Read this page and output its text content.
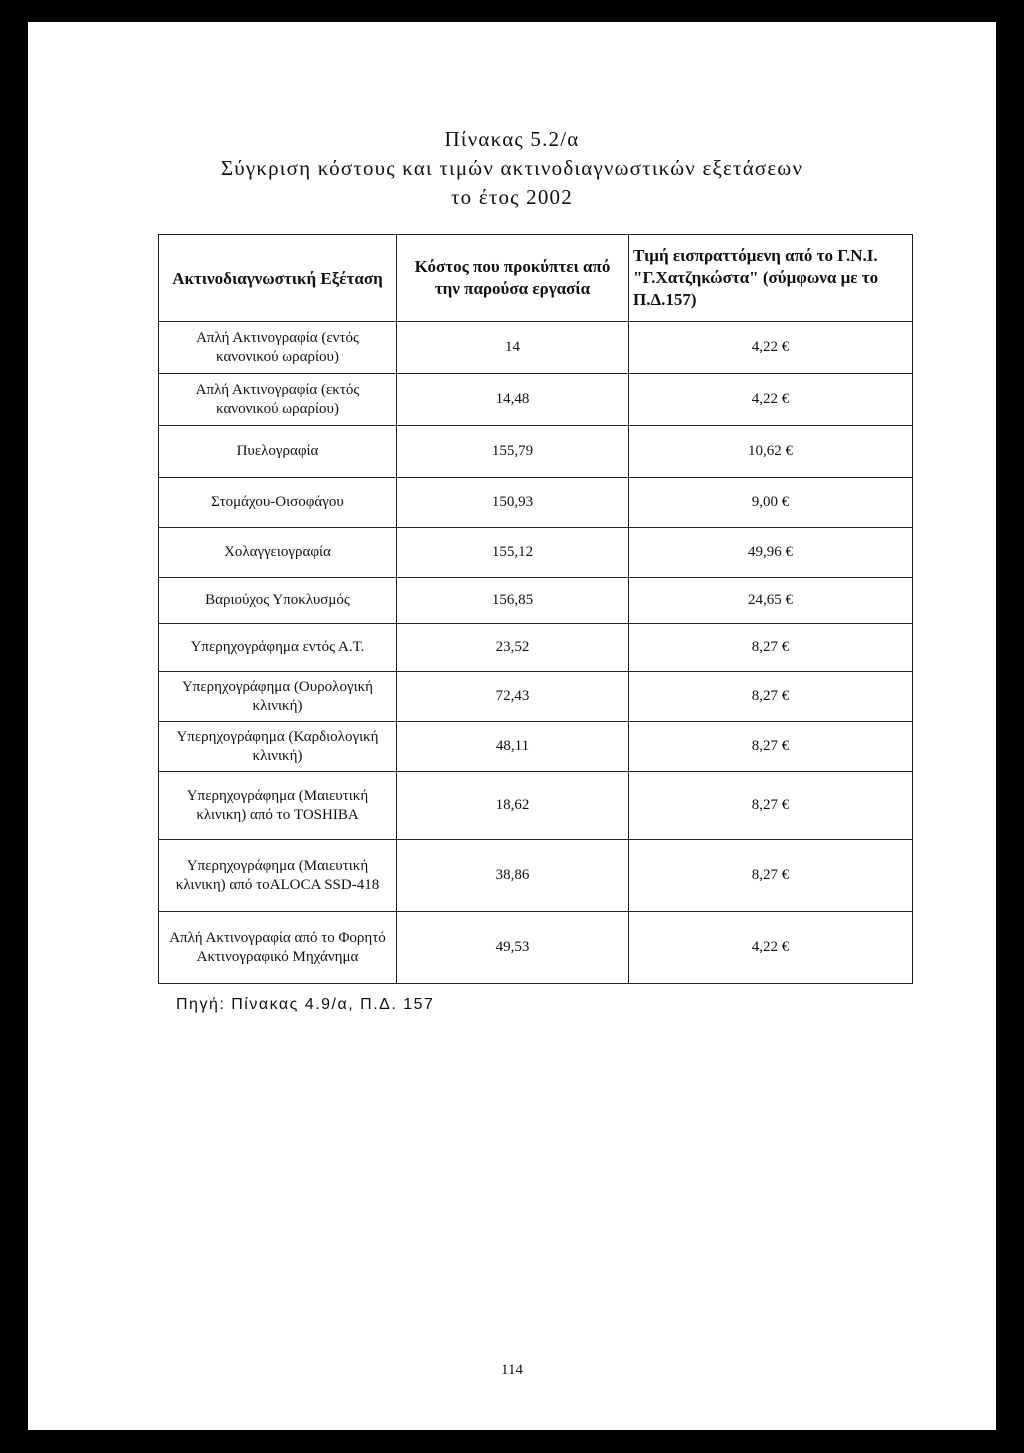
Πίνακας 5.2/α
Σύγκριση κόστους και τιμών ακτινοδιαγνωστικών εξετάσεων
το έτος 2002
Ακτινοδιαγνωστική Εξέταση	Κόστος που προκύπτει από την παρούσα εργασία	Τιμή εισπραττόμενη από το Γ.Ν.Ι. "Γ.Χατζηκώστα" (σύμφωνα με το Π.Δ.157)
Απλή Ακτινογραφία (εντός κανονικού ωραρίου)	14	4,22 €
Απλή Ακτινογραφία (εκτός κανονικού ωραρίου)	14,48	4,22 €
Πυελογραφία	155,79	10,62 €
Στομάχου-Οισοφάγου	150,93	9,00 €
Χολαγγειογραφία	155,12	49,96 €
Βαριούχος Υποκλυσμός	156,85	24,65 €
Υπερηχογράφημα εντός Α.Τ.	23,52	8,27 €
Υπερηχογράφημα (Ουρολογική κλινική)	72,43	8,27 €
Υπερηχογράφημα (Καρδιολογική κλινική)	48,11	8,27 €
Υπερηχογράφημα (Μαιευτική κλινικη) από το TOSHIBA	18,62	8,27 €
Υπερηχογράφημα (Μαιευτική κλινικη) από τοALOCA SSD-418	38,86	8,27 €
Απλή Ακτινογραφία από το Φορητό Ακτινογραφικό Μηχάνημα	49,53	4,22 €
Πηγή: Πίνακας 4.9/α, Π.Δ. 157
114
